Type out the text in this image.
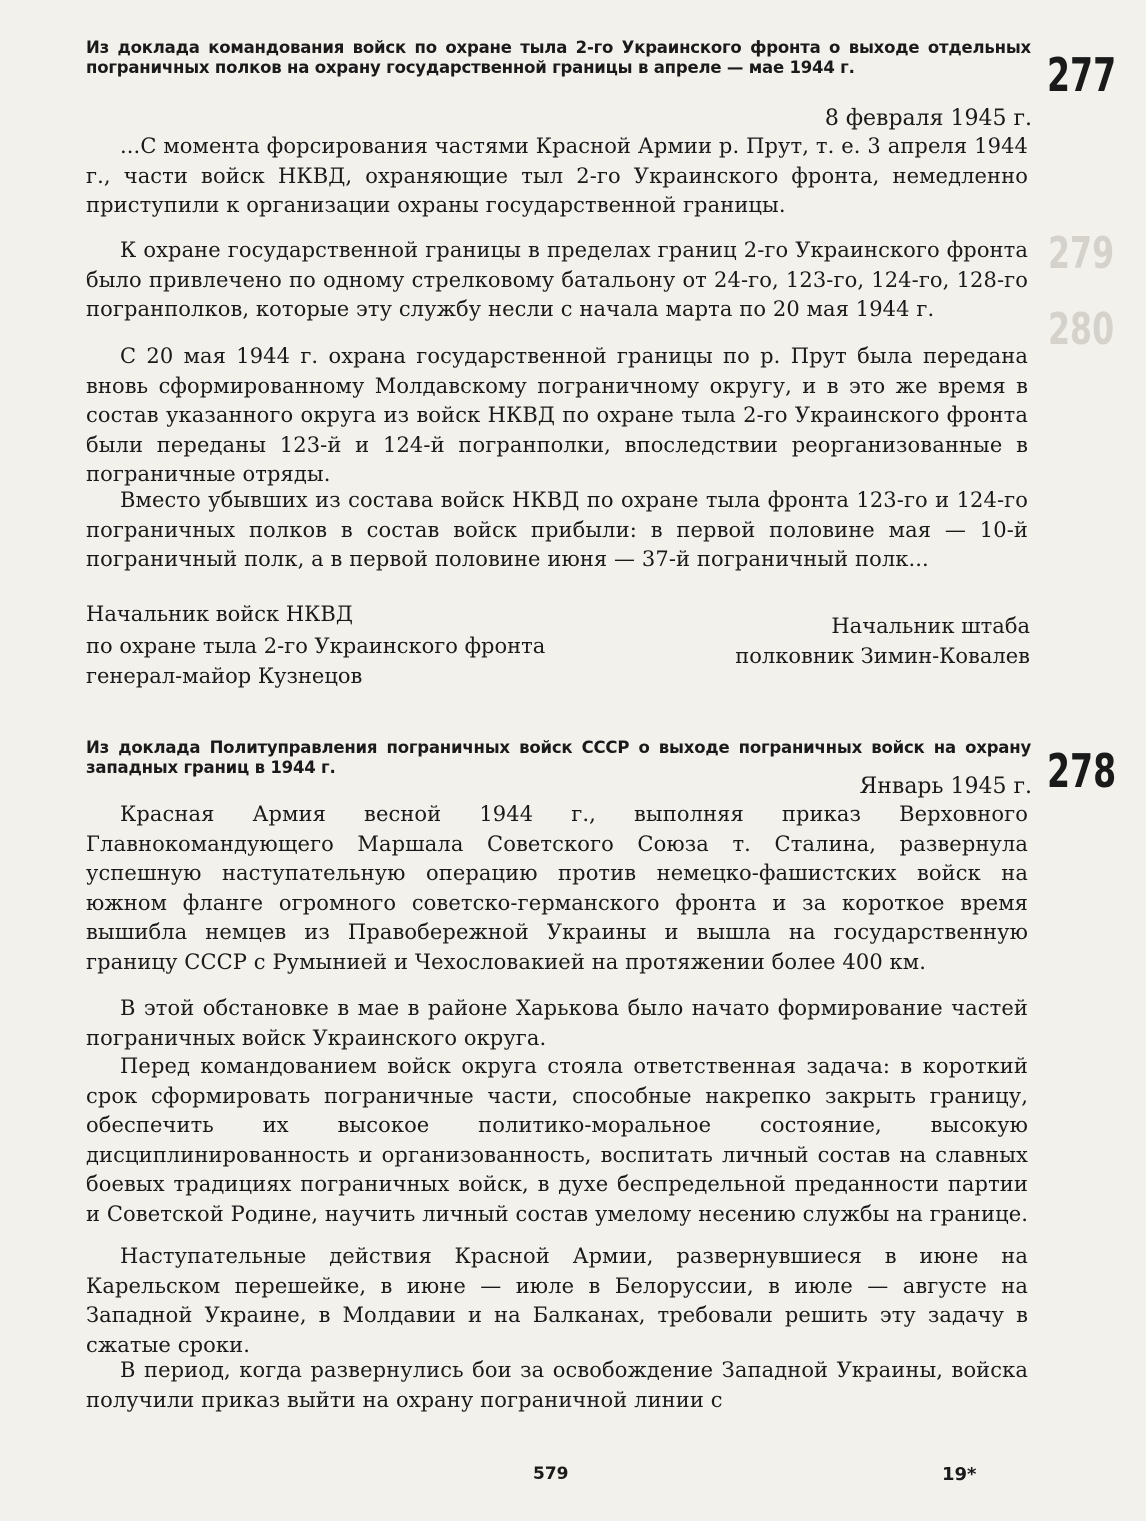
279
280
Из доклада командования войск по охране тыла 2-го Украинского фронта о выходе отдельных пограничных полков на охрану государственной границы в апреле — мае 1944 г.	277
8 февраля 1945 г.

...С момента форсирования частями Красной Армии р. Прут, т. е. 3 апреля 1944 г., части войск НКВД, охраняющие тыл 2-го Украинского фронта, немедленно приступили к организации охраны государственной границы.

К охране государственной границы в пределах границ 2-го Украинского фронта было привлечено по одному стрелковому батальону от 24-го, 123-го, 124-го, 128-го погранполков, которые эту службу несли с начала марта по 20 мая 1944 г.

С 20 мая 1944 г. охрана государственной границы по р. Прут была передана вновь сформированному Молдавскому пограничному округу, и в это же время в состав указанного округа из войск НКВД по охране тыла 2-го Украинского фронта были переданы 123-й и 124-й погранполки, впоследствии реорганизованные в пограничные отряды.

Вместо убывших из состава войск НКВД по охране тыла фронта 123-го и 124-го пограничных полков в состав войск прибыли: в первой половине мая — 10-й пограничный полк, а в первой половине июня — 37-й пограничный полк...

Начальник войск НКВД
по охране тыла 2-го Украинского фронта
генерал-майор Кузнецов
Начальник штаба
полковник Зимин-Ковалев
Из доклада Политуправления пограничных войск СССР о выходе пограничных войск на охрану западных границ в 1944 г.	278
Январь 1945 г.

Красная Армия весной 1944 г., выполняя приказ Верховного Главнокомандующего Маршала Советского Союза т. Сталина, развернула успешную наступательную операцию против немецко-фашистских войск на южном фланге огромного советско-германского фронта и за короткое время вышибла немцев из Правобережной Украины и вышла на государственную границу СССР с Румынией и Чехословакией на протяжении более 400 км.

В этой обстановке в мае в районе Харькова было начато формирование частей пограничных войск Украинского округа.

Перед командованием войск округа стояла ответственная задача: в короткий срок сформировать пограничные части, способные накрепко закрыть границу, обеспечить их высокое политико-моральное состояние, высокую дисциплинированность и организованность, воспитать личный состав на славных боевых традициях пограничных войск, в духе беспредельной преданности партии и Советской Родине, научить личный состав умелому несению службы на границе.

Наступательные действия Красной Армии, развернувшиеся в июне на Карельском перешейке, в июне — июле в Белоруссии, в июле — августе на Западной Украине, в Молдавии и на Балканах, требовали решить эту задачу в сжатые сроки.

В период, когда развернулись бои за освобождение Западной Украины, войска получили приказ выйти на охрану пограничной линии с

579	19*
